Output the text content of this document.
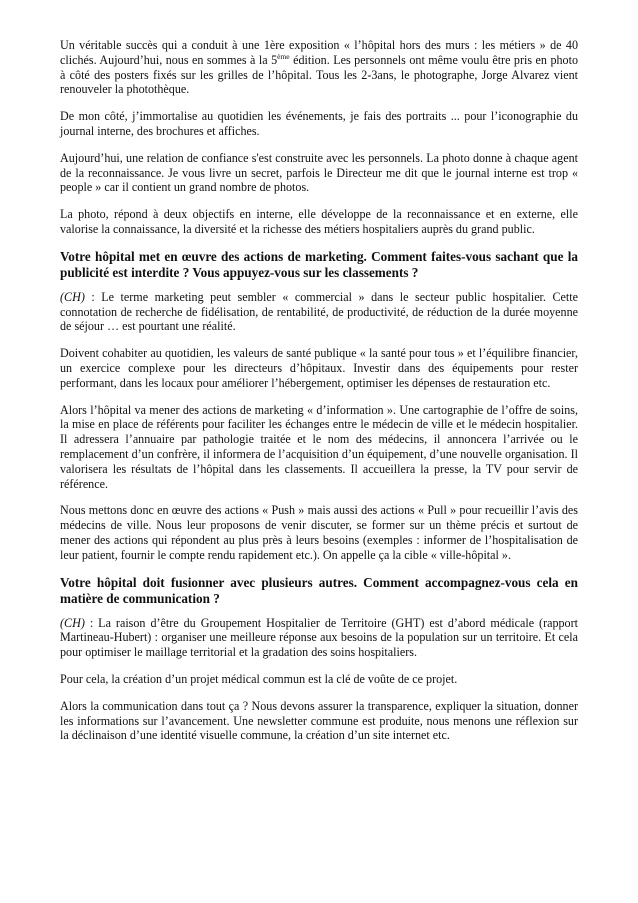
Un véritable succès qui a conduit à une 1ère exposition « l’hôpital hors des murs : les métiers » de 40 clichés. Aujourd’hui, nous en sommes à la 5ème édition. Les personnels ont même voulu être pris en photo à côté des posters fixés sur les grilles de l’hôpital. Tous les 2-3ans, le photographe, Jorge Alvarez vient renouveler la photothèque.

De mon côté, j’immortalise au quotidien les événements, je fais des portraits ... pour l’iconographie du journal interne, des brochures et affiches.

Aujourd’hui, une relation de confiance s'est construite avec les personnels. La photo donne à chaque agent de la reconnaissance. Je vous livre un secret, parfois le Directeur me dit que le journal interne est trop « people » car il contient un grand nombre de photos.

La photo, répond à deux objectifs en interne, elle développe de la reconnaissance et en externe, elle valorise la connaissance, la diversité et la richesse des métiers hospitaliers auprès du grand public.

Votre hôpital met en œuvre des actions de marketing. Comment faites-vous sachant que la publicité est interdite ? Vous appuyez-vous sur les classements ?

(CH) : Le terme marketing peut sembler « commercial » dans le secteur public hospitalier. Cette connotation de recherche de fidélisation, de rentabilité, de productivité, de réduction de la durée moyenne de séjour … est pourtant une réalité.

Doivent cohabiter au quotidien, les valeurs de santé publique « la santé pour tous » et l’équilibre financier, un exercice complexe pour les directeurs d’hôpitaux. Investir dans des équipements pour rester performant, dans les locaux pour améliorer l’hébergement, optimiser les dépenses de restauration etc.

Alors l’hôpital va mener des actions de marketing « d’information ». Une cartographie de l’offre de soins, la mise en place de référents pour faciliter les échanges entre le médecin de ville et le médecin hospitalier. Il adressera l’annuaire par pathologie traitée et le nom des médecins, il annoncera l’arrivée ou le remplacement d’un confrère, il informera de l’acquisition d’un équipement, d’une nouvelle organisation. Il valorisera les résultats de l’hôpital dans les classements. Il accueillera la presse, la TV pour servir de référence.

Nous mettons donc en œuvre des actions « Push » mais aussi des actions « Pull » pour recueillir l’avis des médecins de ville. Nous leur proposons de venir discuter, se former sur un thème précis et surtout de mener des actions qui répondent au plus près à leurs besoins (exemples : informer de l’hospitalisation de leur patient, fournir le compte rendu rapidement etc.). On appelle ça la cible « ville-hôpital ».

Votre hôpital doit fusionner avec plusieurs autres. Comment accompagnez-vous cela en matière de communication ?

(CH) : La raison d’être du Groupement Hospitalier de Territoire (GHT) est d’abord médicale (rapport Martineau-Hubert) : organiser une meilleure réponse aux besoins de la population sur un territoire. Et cela pour optimiser le maillage territorial et la gradation des soins hospitaliers.

Pour cela, la création d’un projet médical commun est la clé de voûte de ce projet.

Alors la communication dans tout ça ? Nous devons assurer la transparence, expliquer la situation, donner les informations sur l’avancement. Une newsletter commune est produite, nous menons une réflexion sur la déclinaison d’une identité visuelle commune, la création d’un site internet etc.
